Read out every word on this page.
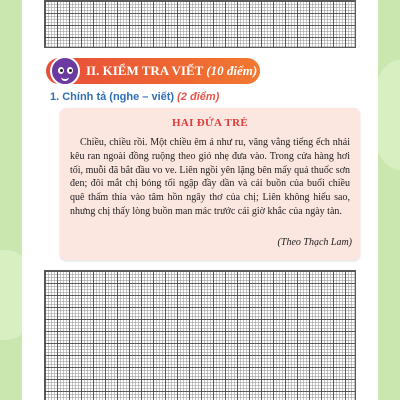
II. KIỂM TRA VIẾT (10 điểm)
1. Chính tả (nghe – viết) (2 điểm)
HAI ĐỨA TRẺ
Chiều, chiều rồi. Một chiều êm ả như ru, văng vẳng tiếng ếch nhái kêu ran ngoài đồng ruộng theo gió nhẹ đưa vào. Trong cửa hàng hơi tối, muỗi đã bắt đầu vo ve. Liên ngồi yên lặng bên mấy quả thuốc sơn đen; đôi mắt chị bóng tối ngập đầy dần và cái buồn của buổi chiều quê thấm thía vào tâm hồn ngây thơ của chị; Liên không hiểu sao, nhưng chị thấy lòng buồn man mác trước cái giờ khắc của ngày tàn.
(Theo Thạch Lam)
